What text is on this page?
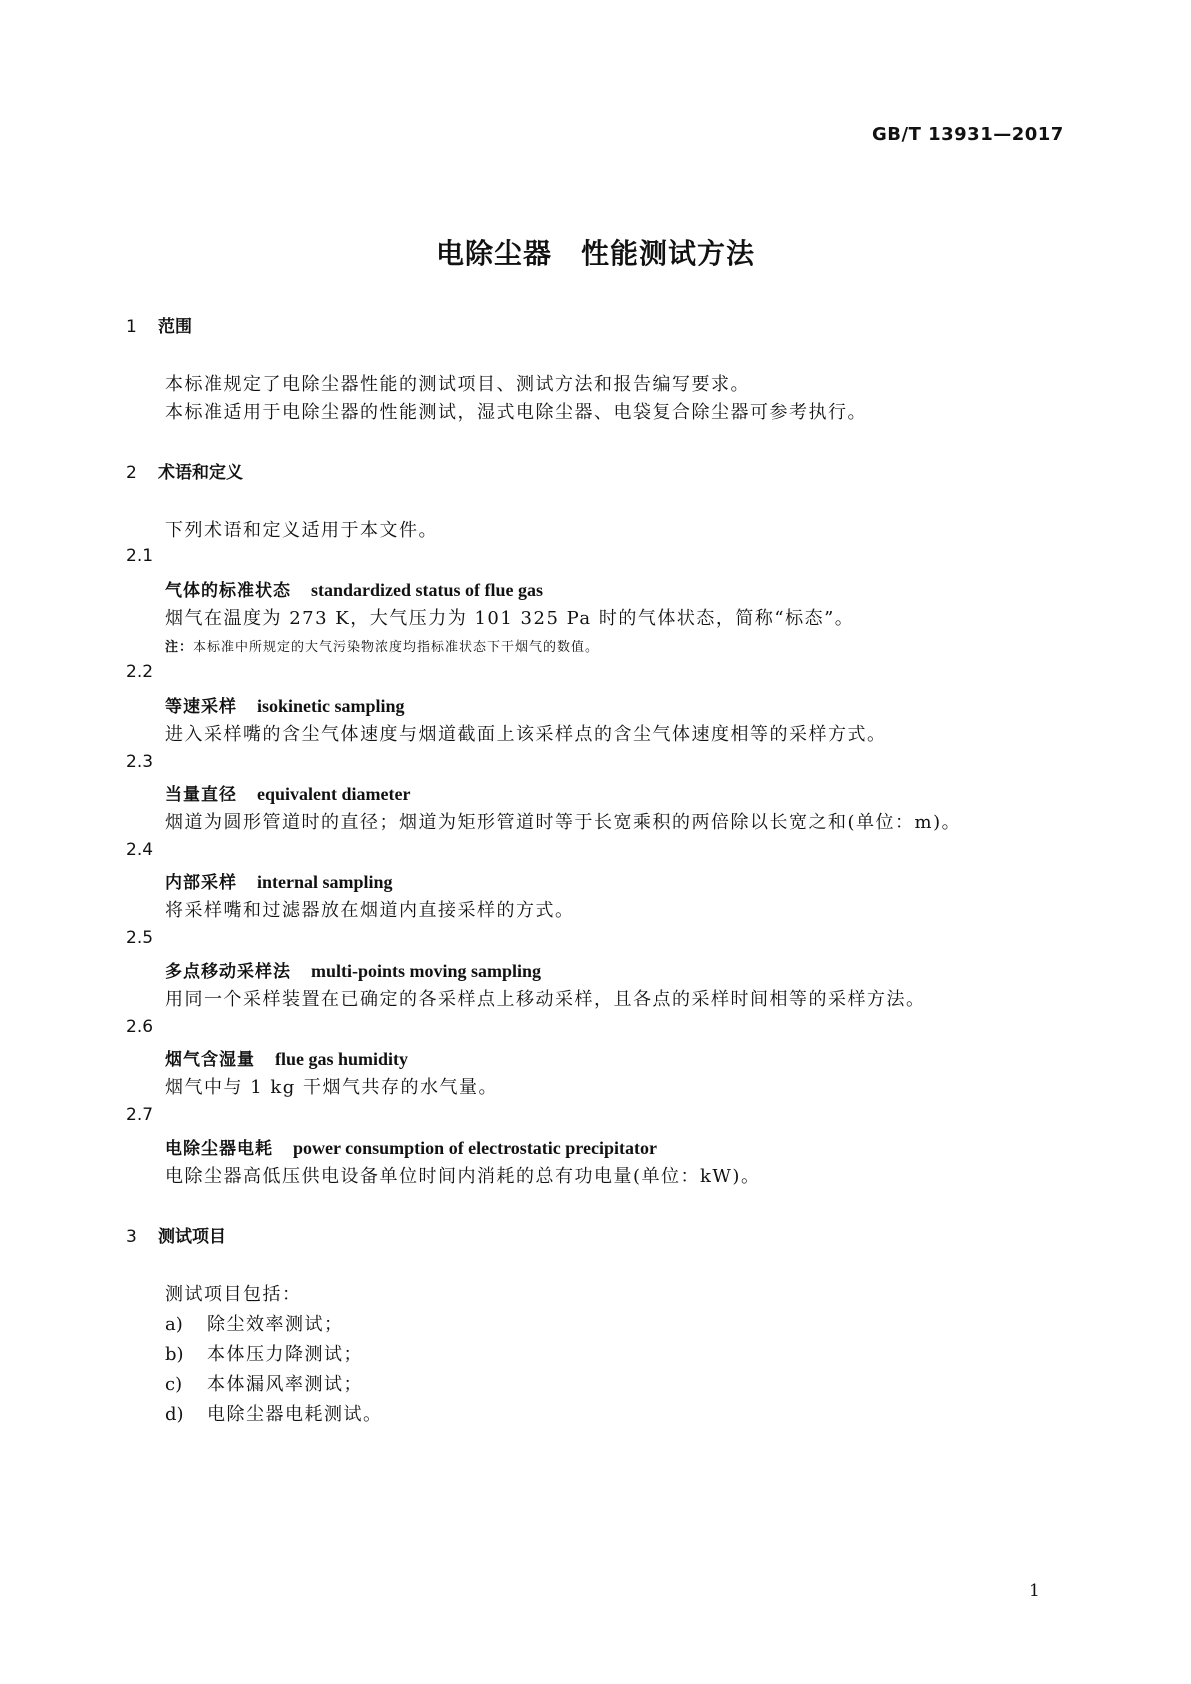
GB/T 13931—2017
电除尘器　性能测试方法
1 范围
本标准规定了电除尘器性能的测试项目、测试方法和报告编写要求。
本标准适用于电除尘器的性能测试，湿式电除尘器、电袋复合除尘器可参考执行。
2 术语和定义
下列术语和定义适用于本文件。
2.1
气体的标准状态 standardized status of flue gas
烟气在温度为 273 K，大气压力为 101 325 Pa 时的气体状态，简称“标态”。
注：本标准中所规定的大气污染物浓度均指标准状态下干烟气的数值。
2.2
等速采样 isokinetic sampling
进入采样嘴的含尘气体速度与烟道截面上该采样点的含尘气体速度相等的采样方式。
2.3
当量直径 equivalent diameter
烟道为圆形管道时的直径；烟道为矩形管道时等于长宽乘积的两倍除以长宽之和(单位：m)。
2.4
内部采样 internal sampling
将采样嘴和过滤器放在烟道内直接采样的方式。
2.5
多点移动采样法 multi-points moving sampling
用同一个采样装置在已确定的各采样点上移动采样，且各点的采样时间相等的采样方法。
2.6
烟气含湿量 flue gas humidity
烟气中与 1 kg 干烟气共存的水气量。
2.7
电除尘器电耗 power consumption of electrostatic precipitator
电除尘器高低压供电设备单位时间内消耗的总有功电量(单位：kW)。
3 测试项目
测试项目包括：
a) 除尘效率测试；
b) 本体压力降测试；
c) 本体漏风率测试；
d) 电除尘器电耗测试。
1
